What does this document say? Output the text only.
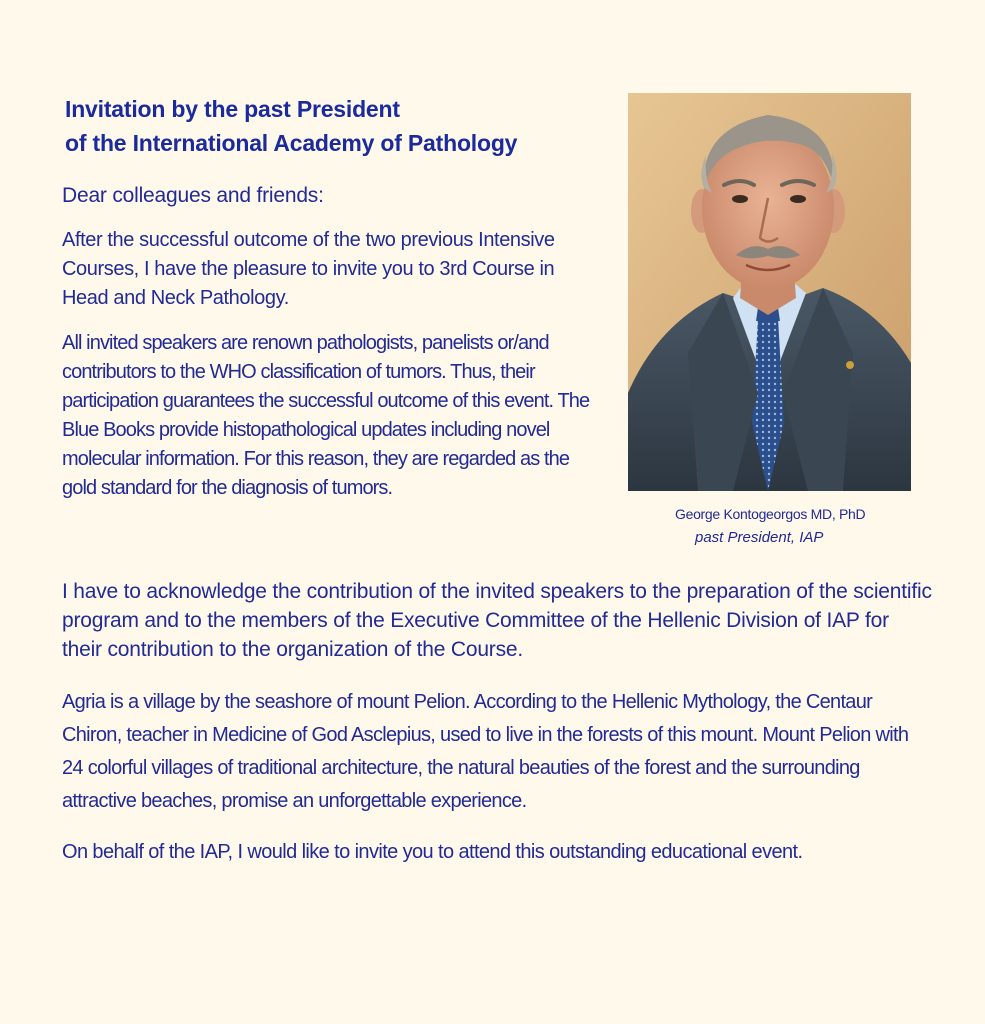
Invitation by the past President
of the International Academy of Pathology

Dear colleagues and friends:

After the successful outcome of the two previous Intensive Courses, I have the pleasure to invite you to 3rd Course in Head and Neck Pathology.

All invited speakers are renown pathologists, panelists or/and contributors to the WHO classification of tumors. Thus, their participation guarantees the successful outcome of this event. The Blue Books provide histopathological updates including novel molecular information. For this reason, they are regarded as the gold standard for the diagnosis of tumors.

George Kontogeorgos MD, PhD
past President, IAP

I have to acknowledge the contribution of the invited speakers to the preparation of the scientific program and to the members of the Executive Committee of the Hellenic Division of IAP for their contribution to the organization of the Course.

Agria is a village by the seashore of mount Pelion. According to the Hellenic Mythology, the Centaur Chiron, teacher in Medicine of God Asclepius, used to live in the forests of this mount. Mount Pelion with 24 colorful villages of traditional architecture, the natural beauties of the forest and the surrounding attractive beaches, promise an unforgettable experience.

On behalf of the IAP, I would like to invite you to attend this outstanding educational event.
